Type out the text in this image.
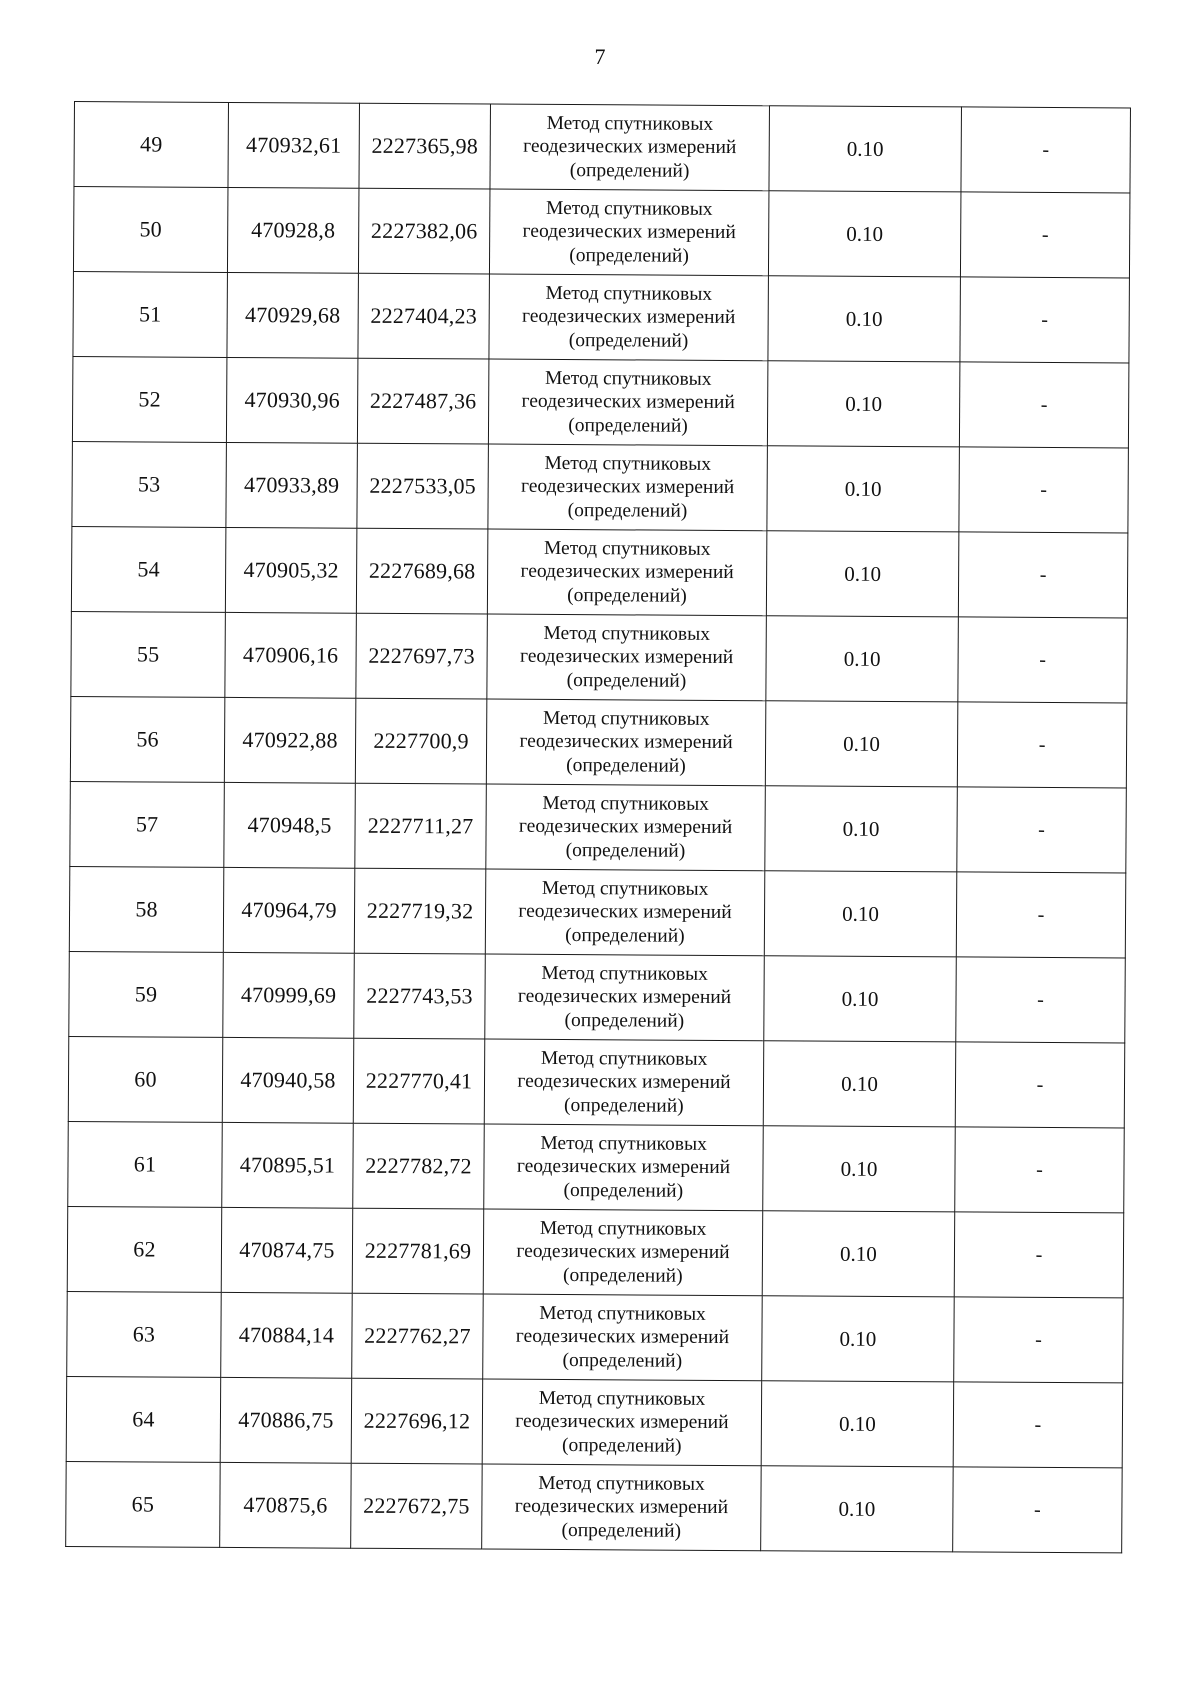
7
49	470932,61	2227365,98	Метод спутниковых геодезических измерений (определений)	0.10	-
50	470928,8	2227382,06	Метод спутниковых геодезических измерений (определений)	0.10	-
51	470929,68	2227404,23	Метод спутниковых геодезических измерений (определений)	0.10	-
52	470930,96	2227487,36	Метод спутниковых геодезических измерений (определений)	0.10	-
53	470933,89	2227533,05	Метод спутниковых геодезических измерений (определений)	0.10	-
54	470905,32	2227689,68	Метод спутниковых геодезических измерений (определений)	0.10	-
55	470906,16	2227697,73	Метод спутниковых геодезических измерений (определений)	0.10	-
56	470922,88	2227700,9	Метод спутниковых геодезических измерений (определений)	0.10	-
57	470948,5	2227711,27	Метод спутниковых геодезических измерений (определений)	0.10	-
58	470964,79	2227719,32	Метод спутниковых геодезических измерений (определений)	0.10	-
59	470999,69	2227743,53	Метод спутниковых геодезических измерений (определений)	0.10	-
60	470940,58	2227770,41	Метод спутниковых геодезических измерений (определений)	0.10	-
61	470895,51	2227782,72	Метод спутниковых геодезических измерений (определений)	0.10	-
62	470874,75	2227781,69	Метод спутниковых геодезических измерений (определений)	0.10	-
63	470884,14	2227762,27	Метод спутниковых геодезических измерений (определений)	0.10	-
64	470886,75	2227696,12	Метод спутниковых геодезических измерений (определений)	0.10	-
65	470875,6	2227672,75	Метод спутниковых геодезических измерений (определений)	0.10	-
